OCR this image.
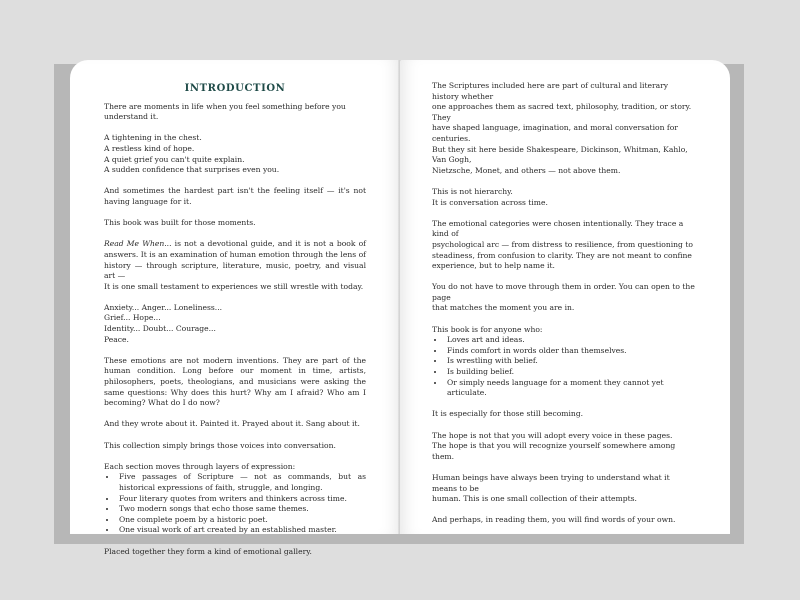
INTRODUCTION

There are moments in life when you feel something before you understand it.

A tightening in the chest.
A restless kind of hope.
A quiet grief you can't quite explain.
A sudden confidence that surprises even you.

And sometimes the hardest part isn't the feeling itself — it's not having language for it.

This book was built for those moments.

Read Me When... is not a devotional guide, and it is not a book of answers. It is an examination of human emotion through the lens of history — through scripture, literature, music, poetry, and visual art —
It is one small testament to experiences we still wrestle with today.

Anxiety... Anger... Loneliness...
Grief... Hope...
Identity... Doubt... Courage...
Peace.

These emotions are not modern inventions. They are part of the human condition. Long before our moment in time, artists, philosophers, poets, theologians, and musicians were asking the same questions: Why does this hurt? Why am I afraid? Who am I becoming? What do I do now?

And they wrote about it. Painted it. Prayed about it. Sang about it.

This collection simply brings those voices into conversation.

Each section moves through layers of expression:
• Five passages of Scripture — not as commands, but as historical expressions of faith, struggle, and longing.
• Four literary quotes from writers and thinkers across time.
• Two modern songs that echo those same themes.
• One complete poem by a historic poet.
• One visual work of art created by an established master.

Placed together they form a kind of emotional gallery.

The Scriptures included here are part of cultural and literary history whether
one approaches them as sacred text, philosophy, tradition, or story. They
have shaped language, imagination, and moral conversation for centuries.
But they sit here beside Shakespeare, Dickinson, Whitman, Kahlo, Van Gogh,
Nietzsche, Monet, and others — not above them.

This is not hierarchy.
It is conversation across time.

The emotional categories were chosen intentionally. They trace a kind of
psychological arc — from distress to resilience, from questioning to
steadiness, from confusion to clarity. They are not meant to confine
experience, but to help name it.

You do not have to move through them in order. You can open to the page
that matches the moment you are in.

This book is for anyone who:
• Loves art and ideas.
• Finds comfort in words older than themselves.
• Is wrestling with belief.
• Is building belief.
• Or simply needs language for a moment they cannot yet articulate.

It is especially for those still becoming.

The hope is not that you will adopt every voice in these pages.
The hope is that you will recognize yourself somewhere among them.

Human beings have always been trying to understand what it means to be
human. This is one small collection of their attempts.

And perhaps, in reading them, you will find words of your own.
